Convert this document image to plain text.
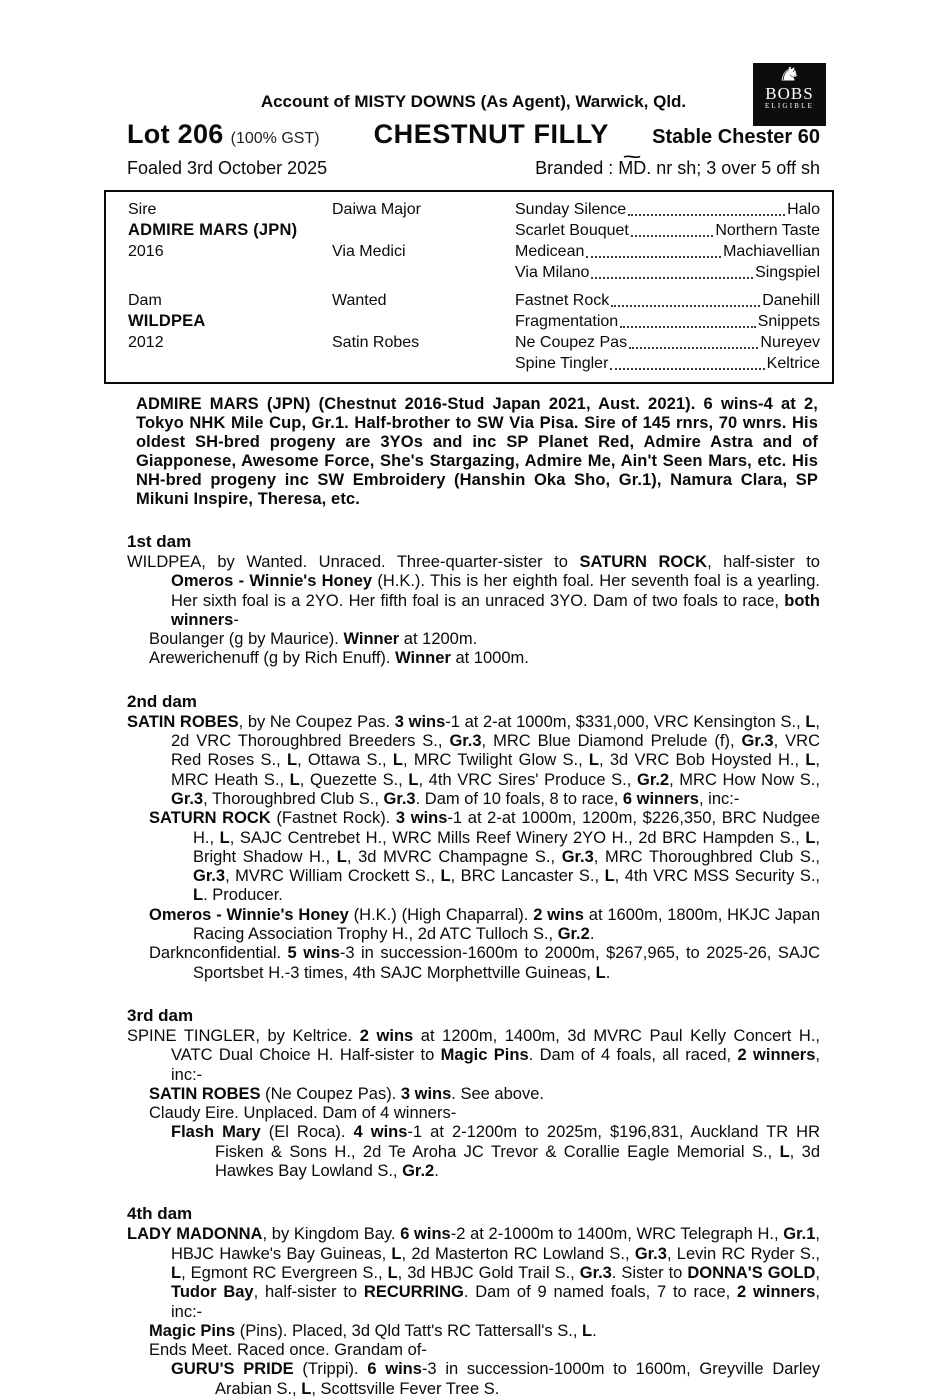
♞
BOBS
ELIGIBLE
Account of MISTY DOWNS (As Agent), Warwick, Qld.
Lot 206 (100% GST) CHESTNUT FILLY Stable Chester 60
Foaled 3rd October 2025	Branded : ~ MD. nr sh; 3 over 5 off sh
Sire	Daiwa Major	Sunday Silence	Halo
ADMIRE MARS (JPN)	Scarlet Bouquet	Northern Taste
2016	Via Medici	Medicean	Machiavellian
Via Milano	Singspiel
Dam	Wanted	Fastnet Rock	Danehill
WILDPEA	Fragmentation	Snippets
2012	Satin Robes	Ne Coupez Pas	Nureyev
Spine Tingler	Keltrice

ADMIRE MARS (JPN) (Chestnut 2016-Stud Japan 2021, Aust. 2021). 6 wins-4 at 2, Tokyo NHK Mile Cup, Gr.1. Half-brother to SW Via Pisa. Sire of 145 rnrs, 70 wnrs. His oldest SH-bred progeny are 3YOs and inc SP Planet Red, Admire Astra and of Giapponese, Awesome Force, She's Stargazing, Admire Me, Ain't Seen Mars, etc. His NH-bred progeny inc SW Embroidery (Hanshin Oka Sho, Gr.1), Namura Clara, SP Mikuni Inspire, Theresa, etc.

1st dam

WILDPEA, by Wanted. Unraced. Three-quarter-sister to SATURN ROCK, half-sister to Omeros - Winnie's Honey (H.K.). This is her eighth foal. Her seventh foal is a yearling. Her sixth foal is a 2YO. Her fifth foal is an unraced 3YO. Dam of two foals to race, both winners-

Boulanger (g by Maurice). Winner at 1200m.

Arewerichenuff (g by Rich Enuff). Winner at 1000m.

2nd dam

SATIN ROBES, by Ne Coupez Pas. 3 wins-1 at 2-at 1000m, $331,000, VRC Kensington S., L, 2d VRC Thoroughbred Breeders S., Gr.3, MRC Blue Diamond Prelude (f), Gr.3, VRC Red Roses S., L, Ottawa S., L, MRC Twilight Glow S., L, 3d VRC Bob Hoysted H., L, MRC Heath S., L, Quezette S., L, 4th VRC Sires' Produce S., Gr.2, MRC How Now S., Gr.3, Thoroughbred Club S., Gr.3. Dam of 10 foals, 8 to race, 6 winners, inc:-

SATURN ROCK (Fastnet Rock). 3 wins-1 at 2-at 1000m, 1200m, $226,350, BRC Nudgee H., L, SAJC Centrebet H., WRC Mills Reef Winery 2YO H., 2d BRC Hampden S., L, Bright Shadow H., L, 3d MVRC Champagne S., Gr.3, MRC Thoroughbred Club S., Gr.3, MVRC William Crockett S., L, BRC Lancaster S., L, 4th VRC MSS Security S., L. Producer.

Omeros - Winnie's Honey (H.K.) (High Chaparral). 2 wins at 1600m, 1800m, HKJC Japan Racing Association Trophy H., 2d ATC Tulloch S., Gr.2.

Darknconfidential. 5 wins-3 in succession-1600m to 2000m, $267,965, to 2025-26, SAJC Sportsbet H.-3 times, 4th SAJC Morphettville Guineas, L.

3rd dam

SPINE TINGLER, by Keltrice. 2 wins at 1200m, 1400m, 3d MVRC Paul Kelly Concert H., VATC Dual Choice H. Half-sister to Magic Pins. Dam of 4 foals, all raced, 2 winners, inc:-

SATIN ROBES (Ne Coupez Pas). 3 wins. See above.

Claudy Eire. Unplaced. Dam of 4 winners-

Flash Mary (El Roca). 4 wins-1 at 2-1200m to 2025m, $196,831, Auckland TR HR Fisken & Sons H., 2d Te Aroha JC Trevor & Corallie Eagle Memorial S., L, 3d Hawkes Bay Lowland S., Gr.2.

4th dam

LADY MADONNA, by Kingdom Bay. 6 wins-2 at 2-1000m to 1400m, WRC Telegraph H., Gr.1, HBJC Hawke's Bay Guineas, L, 2d Masterton RC Lowland S., Gr.3, Levin RC Ryder S., L, Egmont RC Evergreen S., L, 3d HBJC Gold Trail S., Gr.3. Sister to DONNA'S GOLD, Tudor Bay, half-sister to RECURRING. Dam of 9 named foals, 7 to race, 2 winners, inc:-

Magic Pins (Pins). Placed, 3d Qld Tatt's RC Tattersall's S., L.

Ends Meet. Raced once. Grandam of-

GURU'S PRIDE (Trippi). 6 wins-3 in succession-1000m to 1600m, Greyville Darley Arabian S., L, Scottsville Fever Tree S.
